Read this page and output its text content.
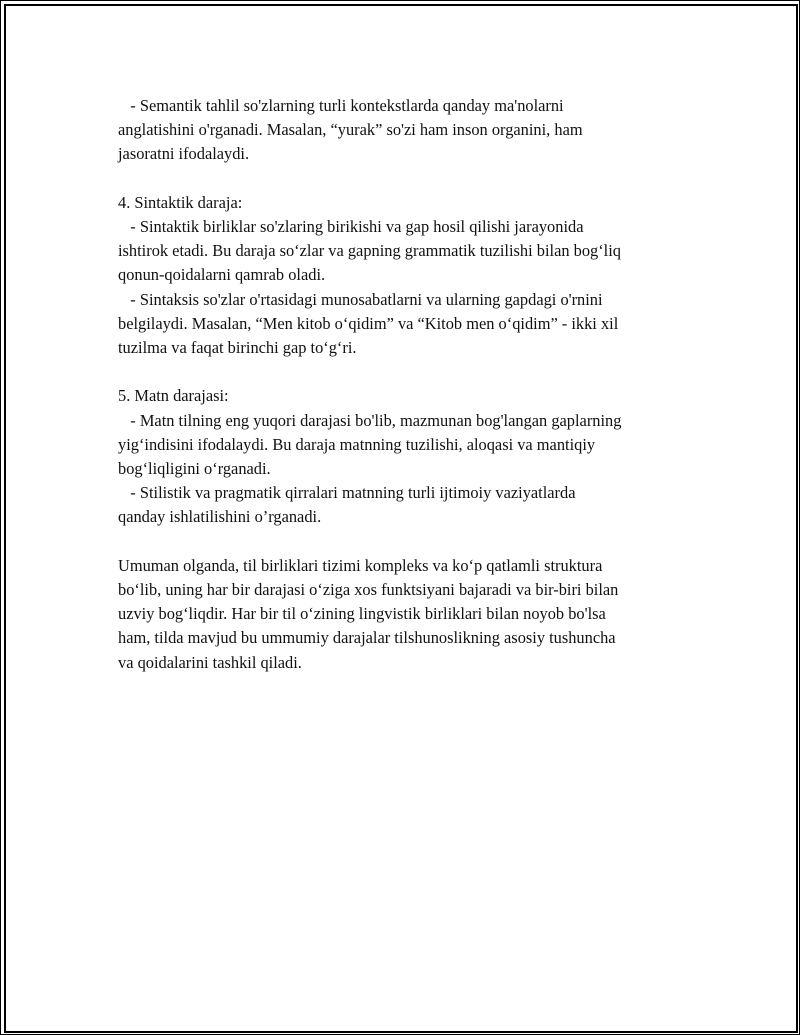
- Semantik tahlil so'zlarning turli kontekstlarda qanday ma'nolarni
anglatishini o'rganadi. Masalan, “yurak” so'zi ham inson organini, ham
jasoratni ifodalaydi.
4. Sintaktik daraja:
- Sintaktik birliklar so'zlaring birikishi va gap hosil qilishi jarayonida
ishtirok etadi. Bu daraja so‘zlar va gapning grammatik tuzilishi bilan bog‘liq
qonun-qoidalarni qamrab oladi.
- Sintaksis so'zlar o'rtasidagi munosabatlarni va ularning gapdagi o'rnini
belgilaydi. Masalan, “Men kitob o‘qidim” va “Kitob men o‘qidim” - ikki xil
tuzilma va faqat birinchi gap to‘g‘ri.
5. Matn darajasi:
- Matn tilning eng yuqori darajasi bo'lib, mazmunan bog'langan gaplarning
yig‘indisini ifodalaydi. Bu daraja matnning tuzilishi, aloqasi va mantiqiy
bog‘liqligini o‘rganadi.
- Stilistik va pragmatik qirralari matnning turli ijtimoiy vaziyatlarda
qanday ishlatilishini o’rganadi.
Umuman olganda, til birliklari tizimi kompleks va ko‘p qatlamli struktura
bo‘lib, uning har bir darajasi o‘ziga xos funktsiyani bajaradi va bir-biri bilan
uzviy bog‘liqdir. Har bir til o‘zining lingvistik birliklari bilan noyob bo'lsa
ham, tilda mavjud bu ummumiy darajalar tilshunoslikning asosiy tushuncha
va qoidalarini tashkil qiladi.
